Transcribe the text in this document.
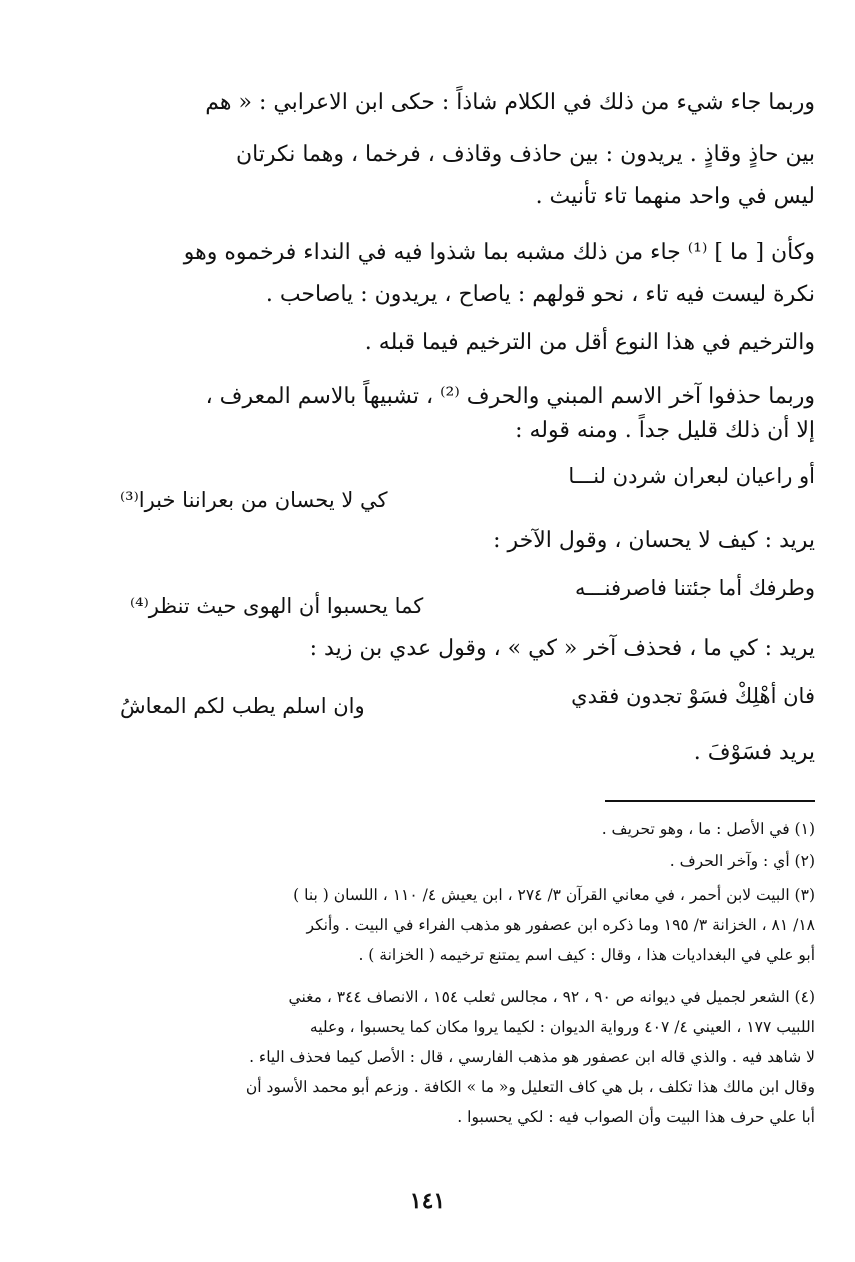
وربما جاء شيء من ذلك في الكلام شاذاً : حكى ابن الاعرابي : « هم
بين حاذٍ وقاذٍ . يريدون : بين حاذف وقاذف ، فرخما ، وهما نكرتان
ليس في واحد منهما تاء تأنيث .
وكأن [ ما ] ⁽¹⁾ جاء من ذلك مشبه بما شذوا فيه في النداء فرخموه وهو
نكرة ليست فيه تاء ، نحو قولهم : ياصاح ، يريدون : ياصاحب .
والترخيم في هذا النوع أقل من الترخيم فيما قبله .
وربما حذفوا آخر الاسم المبني والحرف ⁽²⁾ ، تشبيهاً بالاسم المعرف ،
إلا أن ذلك قليل جداً . ومنه قوله :
أو راعيان لبعران شردن لنـــا
كي لا يحسان من بعراننا خبرا⁽³⁾
يريد : كيف لا يحسان ، وقول الآخر :
وطرفك أما جئتنا فاصرفنـــه
كما يحسبوا أن الهوى حيث تنظر⁽⁴⁾
يريد : كي ما ، فحذف آخر « كي » ، وقول عدي بن زيد :
فان أهْلِكْ فسَوْ تجدون فقدي
وان اسلم يطب لكم المعاشُ
يريد فسَوْفَ .
(١) في الأصل : ما ، وهو تحريف .
(٢) أي : وآخر الحرف .
(٣) البيت لابن أحمر ، في معاني القرآن ٣/ ٢٧٤ ، ابن يعيش ٤/ ١١٠ ، اللسان ( بنا )
١٨/ ٨١ ، الخزانة ٣/ ١٩٥ وما ذكره ابن عصفور هو مذهب الفراء في البيت . وأنكر
أبو علي في البغداديات هذا ، وقال : كيف اسم يمتنع ترخيمه ( الخزانة ) .
(٤) الشعر لجميل في ديوانه ص ٩٠ ، ٩٢ ، مجالس ثعلب ١٥٤ ، الانصاف ٣٤٤ ، مغني
اللبيب ١٧٧ ، العيني ٤/ ٤٠٧ ورواية الديوان : لكيما يروا مكان كما يحسبوا ، وعليه
لا شاهد فيه . والذي قاله ابن عصفور هو مذهب الفارسي ، قال : الأصل كيما فحذف الياء .
وقال ابن مالك هذا تكلف ، بل هي كاف التعليل و« ما » الكافة . وزعم أبو محمد الأسود أن
أبا علي حرف هذا البيت وأن الصواب فيه : لكي يحسبوا .
١٤١
